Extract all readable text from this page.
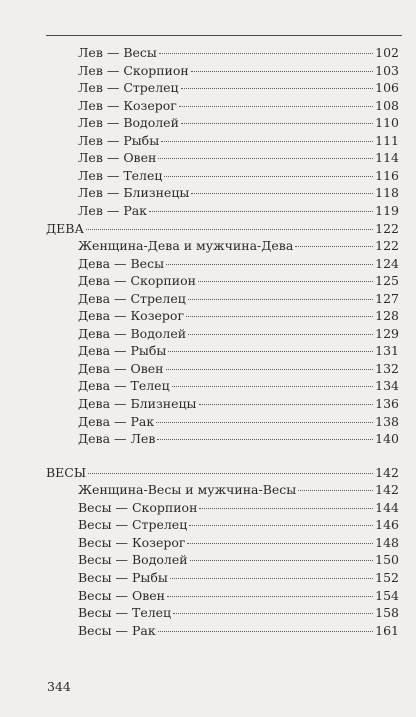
Лев — Весы	102
Лев — Скорпион	103
Лев — Стрелец	106
Лев — Козерог	108
Лев — Водолей	110
Лев — Рыбы	111
Лев — Овен	114
Лев — Телец	116
Лев — Близнецы	118
Лев — Рак	119
ДЕВА	122
Женщина-Дева и мужчина-Дева	122
Дева — Весы	124
Дева — Скорпион	125
Дева — Стрелец	127
Дева — Козерог	128
Дева — Водолей	129
Дева — Рыбы	131
Дева — Овен	132
Дева — Телец	134
Дева — Близнецы	136
Дева — Рак	138
Дева — Лев	140
ВЕСЫ	142
Женщина-Весы и мужчина-Весы	142
Весы — Скорпион	144
Весы — Стрелец	146
Весы — Козерог	148
Весы — Водолей	150
Весы — Рыбы	152
Весы — Овен	154
Весы — Телец	158
Весы — Рак	161
344
